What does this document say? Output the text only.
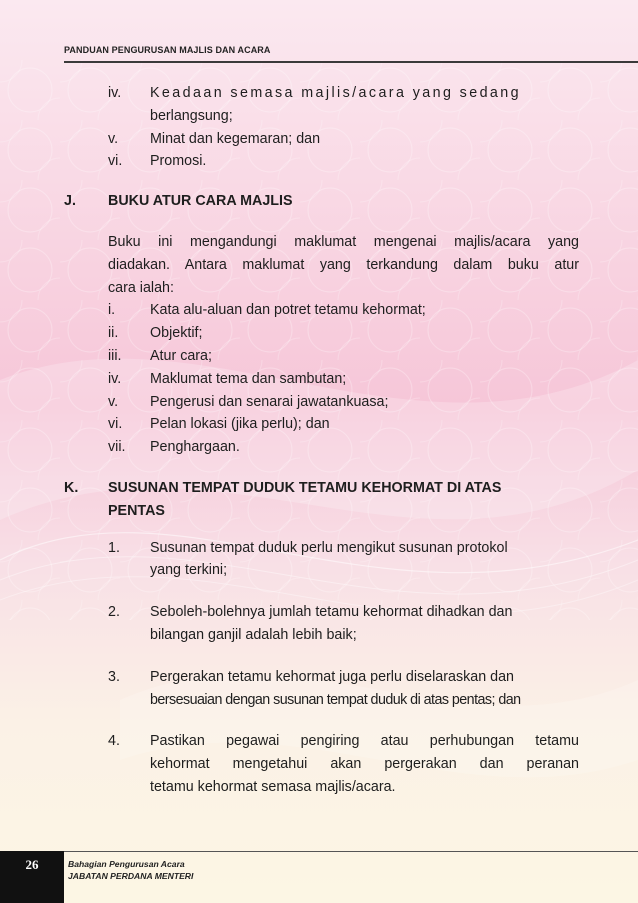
PANDUAN PENGURUSAN MAJLIS DAN ACARA
iv.	Keadaan semasa majlis/acara yang sedang
berlangsung;
v.	Minat dan kegemaran; dan
vi.	Promosi.
J.	BUKU ATUR CARA MAJLIS
Buku ini mengandungi maklumat mengenai majlis/acara yang
diadakan. Antara maklumat yang terkandung dalam buku atur
cara ialah:
i.	Kata alu-aluan dan potret tetamu kehormat;
ii.	Objektif;
iii.	Atur cara;
iv.	Maklumat tema dan sambutan;
v.	Pengerusi dan senarai jawatankuasa;
vi.	Pelan lokasi (jika perlu); dan
vii.	Penghargaan.
K.	SUSUNAN TEMPAT DUDUK TETAMU KEHORMAT DI ATAS
PENTAS
1.	Susunan tempat duduk perlu mengikut susunan protokol
yang terkini;
2.	Seboleh-bolehnya jumlah tetamu kehormat dihadkan dan
bilangan ganjil adalah lebih baik;
3.	Pergerakan tetamu kehormat juga perlu diselaraskan dan
bersesuaian dengan susunan tempat duduk di atas pentas; dan
4.	Pastikan pegawai pengiring atau perhubungan tetamu
kehormat mengetahui akan pergerakan dan peranan
tetamu kehormat semasa majlis/acara.
26	Bahagian Pengurusan Acara
JABATAN PERDANA MENTERI
